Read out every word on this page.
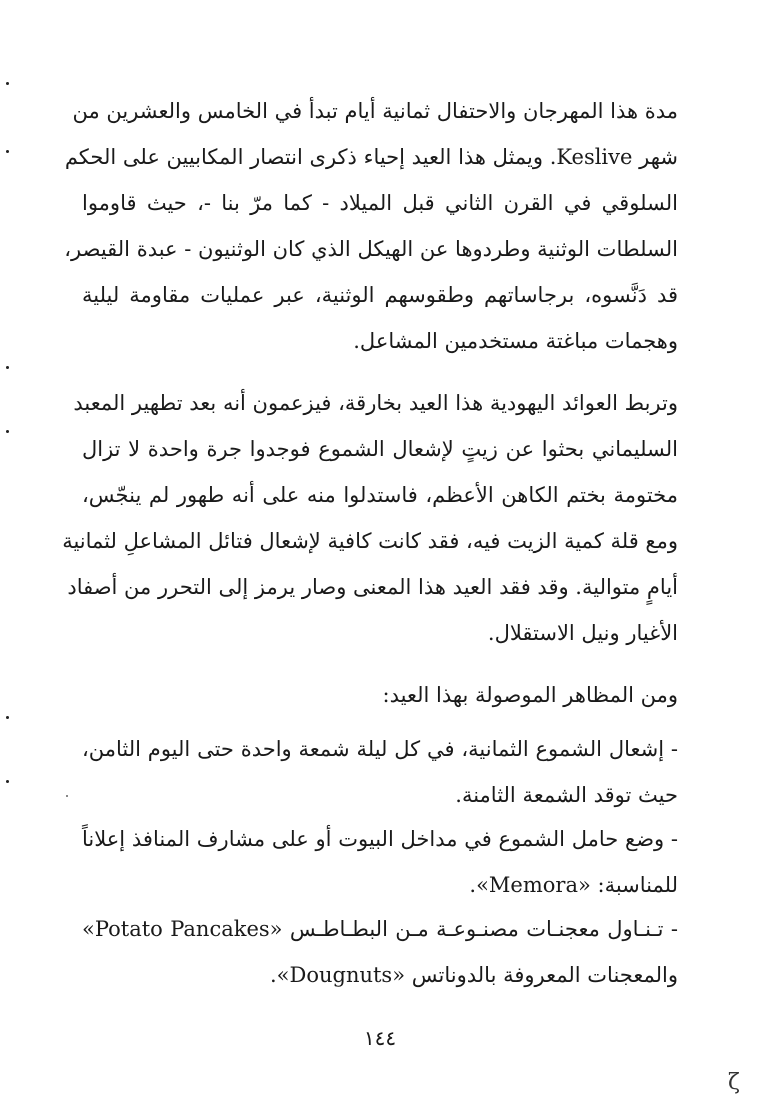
مدة هذا المهرجان والاحتفال ثمانية أيام تبدأ في الخامس والعشرين من
شهر Keslive. ويمثل هذا العيد إحياء ذكرى انتصار المكابيين على الحكم
السلوقي في القرن الثاني قبل الميلاد - كما مرّ بنا -، حيث قاوموا
السلطات الوثنية وطردوها عن الهيكل الذي كان الوثنيون - عبدة القيصر،
قد دَنَّسوه، برجاساتهم وطقوسهم الوثنية، عبر عمليات مقاومة ليلية
وهجمات مباغتة مستخدمين المشاعل.
وتربط العوائد اليهودية هذا العيد بخارقة، فيزعمون أنه بعد تطهير المعبد
السليماني بحثوا عن زيتٍ لإشعال الشموع فوجدوا جرة واحدة لا تزال
مختومة بختم الكاهن الأعظم، فاستدلوا منه على أنه طهور لم ينجّس،
ومع قلة كمية الزيت فيه، فقد كانت كافية لإشعال فتائل المشاعلِ لثمانية
أيامٍ متوالية. وقد فقد العيد هذا المعنى وصار يرمز إلى التحرر من أصفاد
الأغيار ونيل الاستقلال.
ومن المظاهر الموصولة بهذا العيد:
- إشعال الشموع الثمانية، في كل ليلة شمعة واحدة حتى اليوم الثامن،
حيث توقد الشمعة الثامنة.
- وضع حامل الشموع في مداخل البيوت أو على مشارف المنافذ إعلاناً
للمناسبة: «Memora».
- تـنـاول معجنـات مصنـوعـة مـن البطـاطـس «Potato Pancakes»
والمعجنات المعروفة بالدوناتس «Dougnuts».
١٤٤
ζ
